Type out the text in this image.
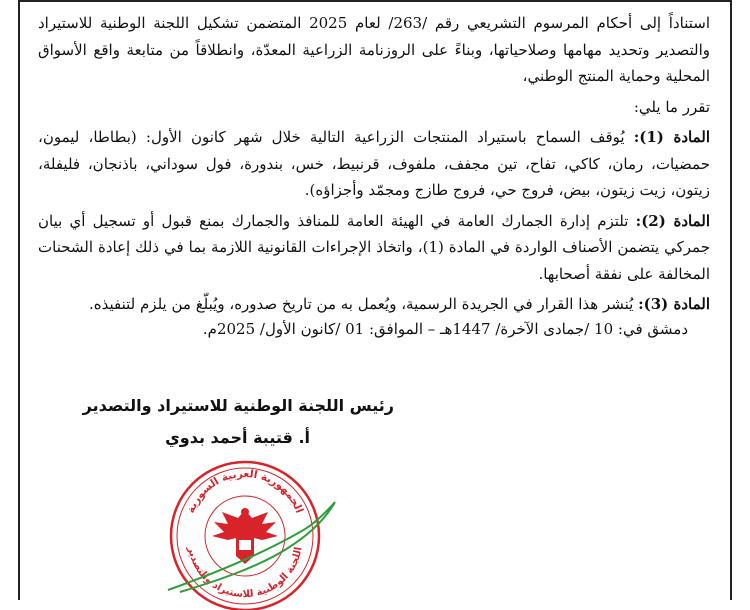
استناداً إلى أحكام المرسوم التشريعي رقم /263/ لعام 2025 المتضمن تشكيل اللجنة الوطنية للاستيراد والتصدير وتحديد مهامها وصلاحياتها، وبناءً على الروزنامة الزراعية المعدّة، وانطلاقاً من متابعة واقع الأسواق المحلية وحماية المنتج الوطني،

تقرر ما يلي:

المادة (1): يُوقف السماح باستيراد المنتجات الزراعية التالية خلال شهر كانون الأول: (بطاطا، ليمون، حمضيات، رمان، كاكي، تفاح، تين مجفف، ملفوف، قرنبيط، خس، بندورة، فول سوداني، باذنجان، فليفلة، زيتون، زيت زيتون، بيض، فروج حي، فروج طازج ومجمّد وأجزاؤه).

المادة (2): تلتزم إدارة الجمارك العامة في الهيئة العامة للمنافذ والجمارك بمنع قبول أو تسجيل أي بيان جمركي يتضمن الأصناف الواردة في المادة (1)، واتخاذ الإجراءات القانونية اللازمة بما في ذلك إعادة الشحنات المخالفة على نفقة أصحابها.

المادة (3): يُنشر هذا القرار في الجريدة الرسمية، ويُعمل به من تاريخ صدوره، ويُبلّغ من يلزم لتنفيذه.

دمشق في: 10 /جمادى الآخرة/ 1447هـ – الموافق: 01 /كانون الأول/ 2025م.
رئيس اللجنة الوطنية للاستيراد والتصدير
أ. قتيبة أحمد بدوي
الجمهورية العربية السورية
اللجنة الوطنية للاستيراد والتصدير
